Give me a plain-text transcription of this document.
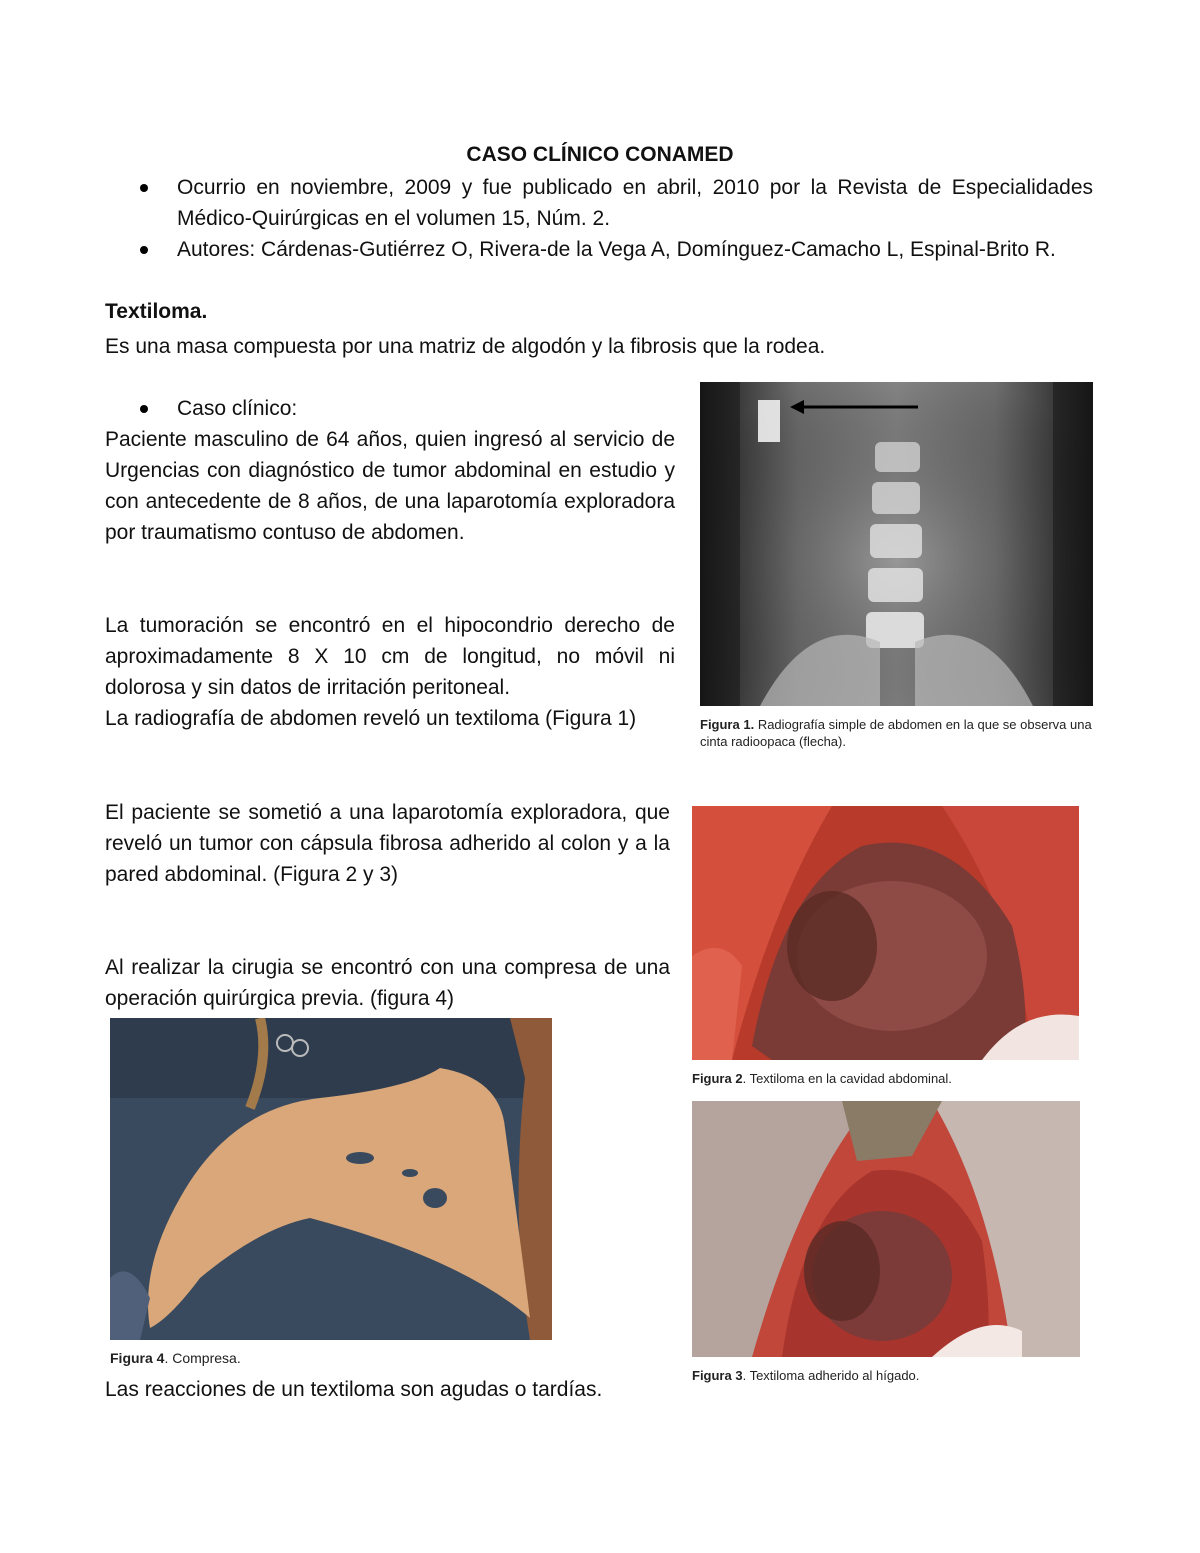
CASO CLÍNICO CONAMED

Ocurrio en noviembre, 2009 y fue publicado en abril, 2010 por la Revista de Especialidades Médico-Quirúrgicas en el volumen 15, Núm. 2.

Autores: Cárdenas-Gutiérrez O, Rivera-de la Vega A, Domínguez-Camacho L, Espinal-Brito R.

Textiloma.
Es una masa compuesta por una matriz de algodón y la fibrosis que la rodea.
Caso clínico:
Paciente masculino de 64 años, quien ingresó al servicio de Urgencias con diagnóstico de tumor abdominal en estudio y con antecedente de 8 años, de una laparotomía exploradora por traumatismo contuso de abdomen.
La tumoración se encontró en el hipocondrio derecho de aproximadamente 8 X 10 cm de longitud, no móvil ni dolorosa y sin datos de irritación peritoneal.
La radiografía de abdomen reveló un textiloma (Figura 1)
El paciente se sometió a una laparotomía exploradora, que reveló un tumor con cápsula fibrosa adherido al colon y a la pared abdominal. (Figura 2 y 3)
Al realizar la cirugia se encontró con una compresa de una operación quirúrgica previa. (figura 4)
Las reacciones de un textiloma son agudas o tardías.
Figura 1. Radiografía simple de abdomen en la que se observa una cinta radioopaca (flecha).
Figura 2. Textiloma en la cavidad abdominal.
Figura 3. Textiloma adherido al hígado.
Figura 4. Compresa.
